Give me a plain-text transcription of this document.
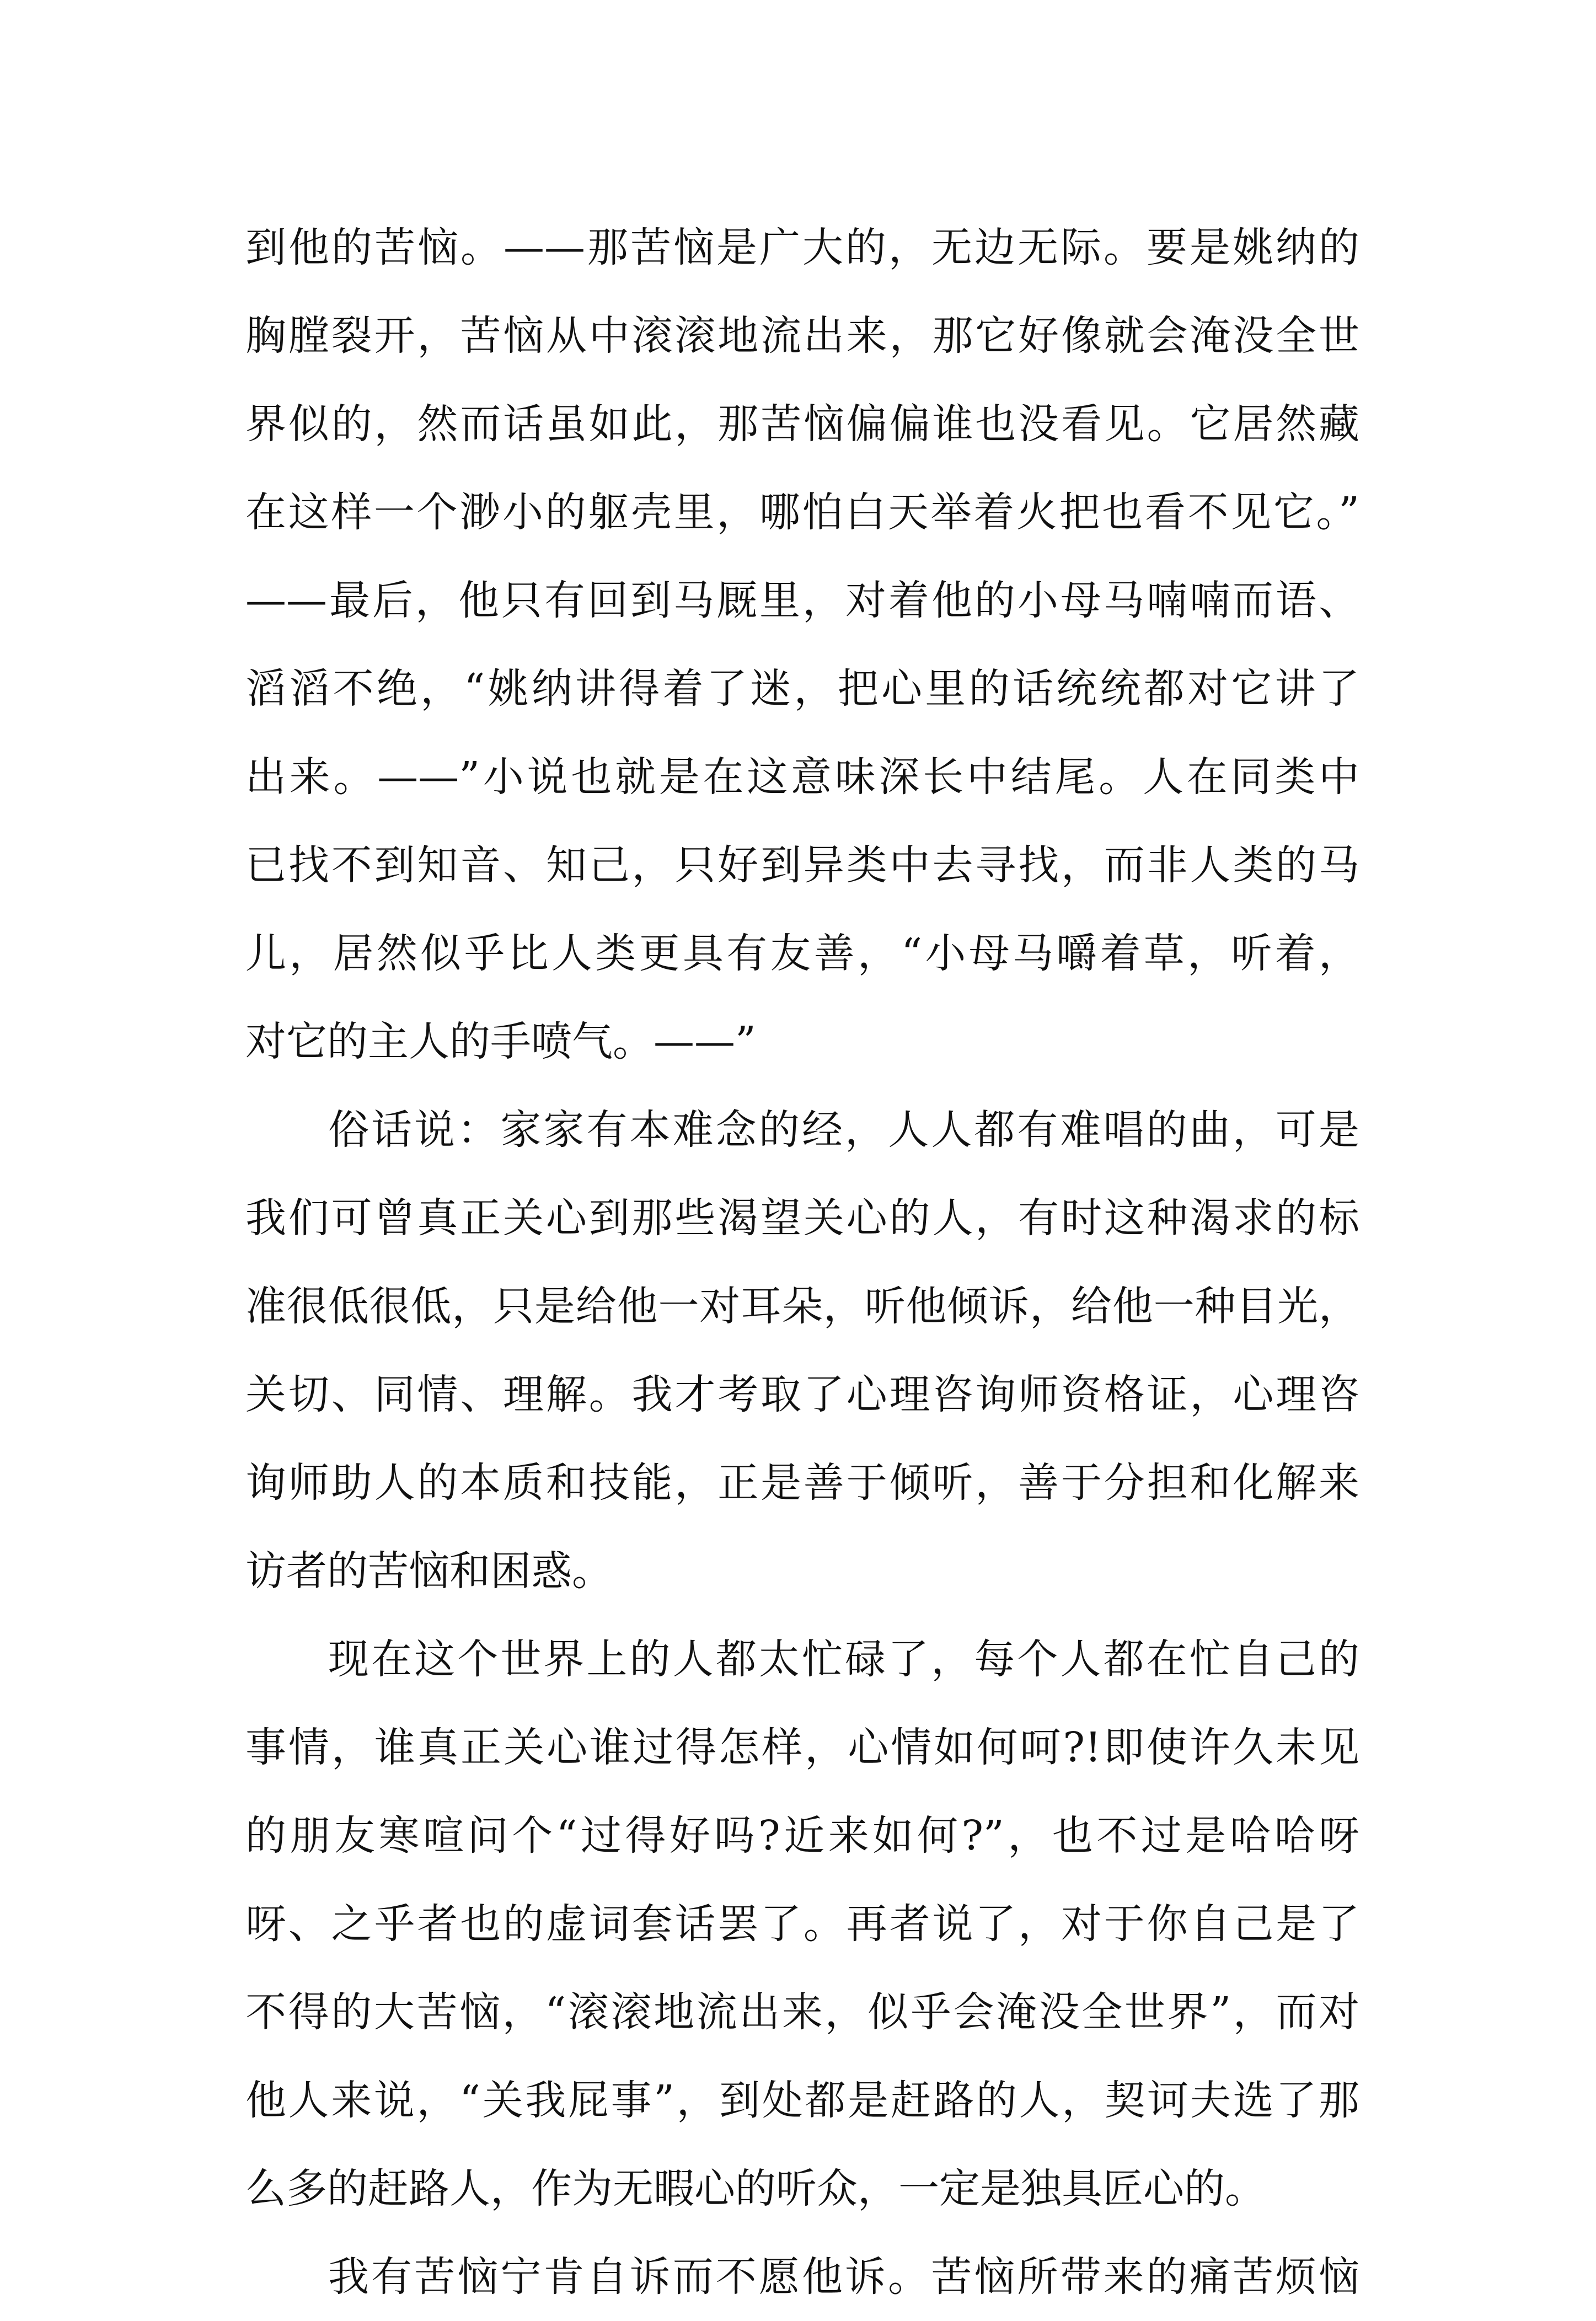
到他的苦恼。——那苦恼是广大的，无边无际。要是姚纳的
胸膛裂开，苦恼从中滚滚地流出来，那它好像就会淹没全世
界似的，然而话虽如此，那苦恼偏偏谁也没看见。它居然藏
在这样一个渺小的躯壳里，哪怕白天举着火把也看不见它。”
——最后，他只有回到马厩里，对着他的小母马喃喃而语、
滔滔不绝，“姚纳讲得着了迷，把心里的话统统都对它讲了
出来。——”小说也就是在这意味深长中结尾。人在同类中
已找不到知音、知己，只好到异类中去寻找，而非人类的马
儿，居然似乎比人类更具有友善，“小母马嚼着草，听着，
对它的主人的手喷气。——”
俗话说：家家有本难念的经，人人都有难唱的曲，可是
我们可曾真正关心到那些渴望关心的人，有时这种渴求的标
准很低很低，只是给他一对耳朵，听他倾诉，给他一种目光，
关切、同情、理解。我才考取了心理咨询师资格证，心理咨
询师助人的本质和技能，正是善于倾听，善于分担和化解来
访者的苦恼和困惑。
现在这个世界上的人都太忙碌了，每个人都在忙自己的
事情，谁真正关心谁过得怎样，心情如何呵?!即使许久未见
的朋友寒喧问个“过得好吗?近来如何?”，也不过是哈哈呀
呀、之乎者也的虚词套话罢了。再者说了，对于你自己是了
不得的大苦恼，“滚滚地流出来，似乎会淹没全世界”，而对
他人来说，“关我屁事”，到处都是赶路的人，契诃夫选了那
么多的赶路人，作为无暇心的听众，一定是独具匠心的。
我有苦恼宁肯自诉而不愿他诉。苦恼所带来的痛苦烦恼
